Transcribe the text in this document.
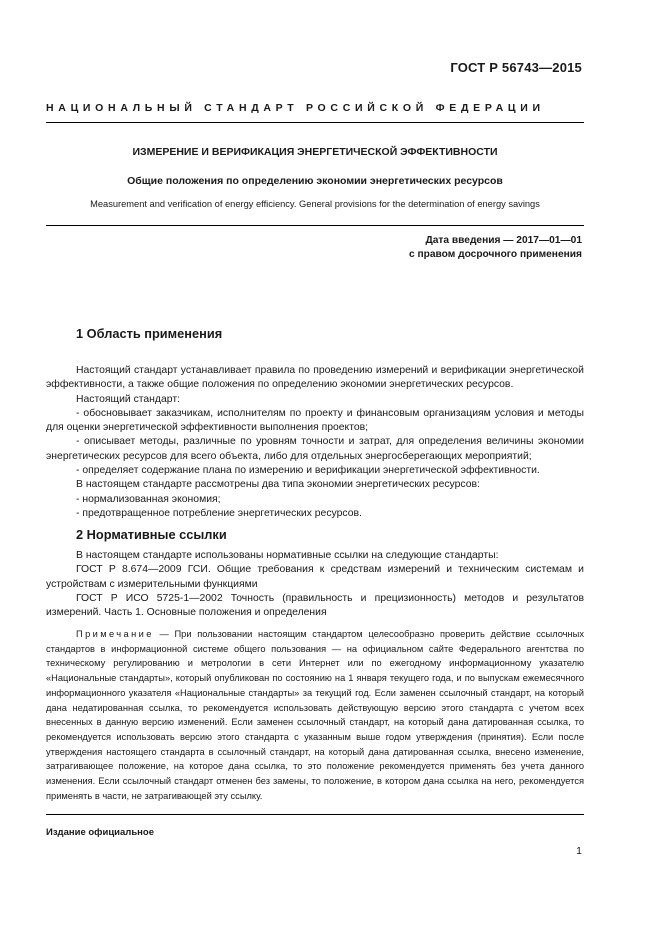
ГОСТ Р 56743—2015
НАЦИОНАЛЬНЫЙ СТАНДАРТ РОССИЙСКОЙ ФЕДЕРАЦИИ
ИЗМЕРЕНИЕ И ВЕРИФИКАЦИЯ ЭНЕРГЕТИЧЕСКОЙ ЭФФЕКТИВНОСТИ
Общие положения по определению экономии энергетических ресурсов
Measurement and verification of energy efficiency. General provisions for the determination of energy savings
Дата введения — 2017—01—01
с правом досрочного применения
1 Область применения

Настоящий стандарт устанавливает правила по проведению измерений и верификации энергетической эффективности, а также общие положения по определению экономии энергетических ресурсов.

Настоящий стандарт:

- обосновывает заказчикам, исполнителям по проекту и финансовым организациям условия и методы для оценки энергетической эффективности выполнения проектов;

- описывает методы, различные по уровням точности и затрат, для определения величины экономии энергетических ресурсов для всего объекта, либо для отдельных энергосберегающих мероприятий;

- определяет содержание плана по измерению и верификации энергетической эффективности.

В настоящем стандарте рассмотрены два типа экономии энергетических ресурсов:

- нормализованная экономия;

- предотвращенное потребление энергетических ресурсов.

2 Нормативные ссылки

В настоящем стандарте использованы нормативные ссылки на следующие стандарты:

ГОСТ Р 8.674—2009 ГСИ. Общие требования к средствам измерений и техническим системам и устройствам с измерительными функциями

ГОСТ Р ИСО 5725-1—2002 Точность (правильность и прецизионность) методов и результатов измерений. Часть 1. Основные положения и определения

Примечание — При пользовании настоящим стандартом целесообразно проверить действие ссылочных стандартов в информационной системе общего пользования — на официальном сайте Федерального агентства по техническому регулированию и метрологии в сети Интернет или по ежегодному информационному указателю «Национальные стандарты», который опубликован по состоянию на 1 января текущего года, и по выпускам ежемесячного информационного указателя «Национальные стандарты» за текущий год. Если заменен ссылочный стандарт, на который дана недатированная ссылка, то рекомендуется использовать действующую версию этого стандарта с учетом всех внесенных в данную версию изменений. Если заменен ссылочный стандарт, на который дана датированная ссылка, то рекомендуется использовать версию этого стандарта с указанным выше годом утверждения (принятия). Если после утверждения настоящего стандарта в ссылочный стандарт, на который дана датированная ссылка, внесено изменение, затрагивающее положение, на которое дана ссылка, то это положение рекомендуется применять без учета данного изменения. Если ссылочный стандарт отменен без замены, то положение, в котором дана ссылка на него, рекомендуется применять в части, не затрагивающей эту ссылку.

Издание официальное
1
